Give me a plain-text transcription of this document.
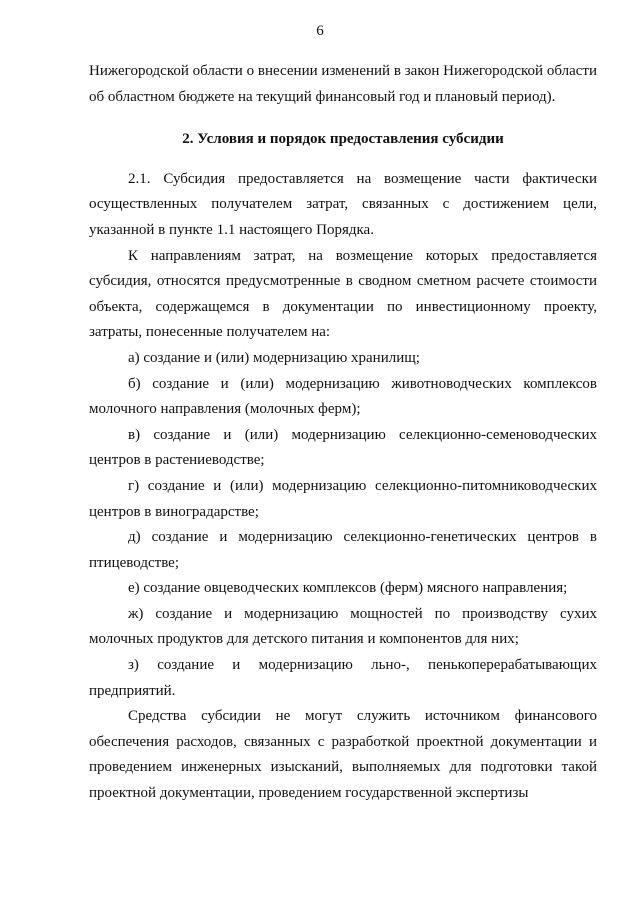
6

Нижегородской области о внесении изменений в закон Нижегородской области об областном бюджете на текущий финансовый год и плановый период).

2. Условия и порядок предоставления субсидии

2.1. Субсидия предоставляется на возмещение части фактически осуществленных получателем затрат, связанных с достижением цели, указанной в пункте 1.1 настоящего Порядка.

К направлениям затрат, на возмещение которых предоставляется субсидия, относятся предусмотренные в сводном сметном расчете стоимости объекта, содержащемся в документации по инвестиционному проекту, затраты, понесенные получателем на:

а) создание и (или) модернизацию хранилищ;

б) создание и (или) модернизацию животноводческих комплексов молочного направления (молочных ферм);

в) создание и (или) модернизацию селекционно-семеноводческих центров в растениеводстве;

г) создание и (или) модернизацию селекционно-питомниководческих центров в виноградарстве;

д) создание и модернизацию селекционно-генетических центров в птицеводстве;

е) создание овцеводческих комплексов (ферм) мясного направления;

ж) создание и модернизацию мощностей по производству сухих молочных продуктов для детского питания и компонентов для них;

з) создание и модернизацию льно-, пенькоперерабатывающих предприятий.

Средства субсидии не могут служить источником финансового обеспечения расходов, связанных с разработкой проектной документации и проведением инженерных изысканий, выполняемых для подготовки такой проектной документации, проведением государственной экспертизы
